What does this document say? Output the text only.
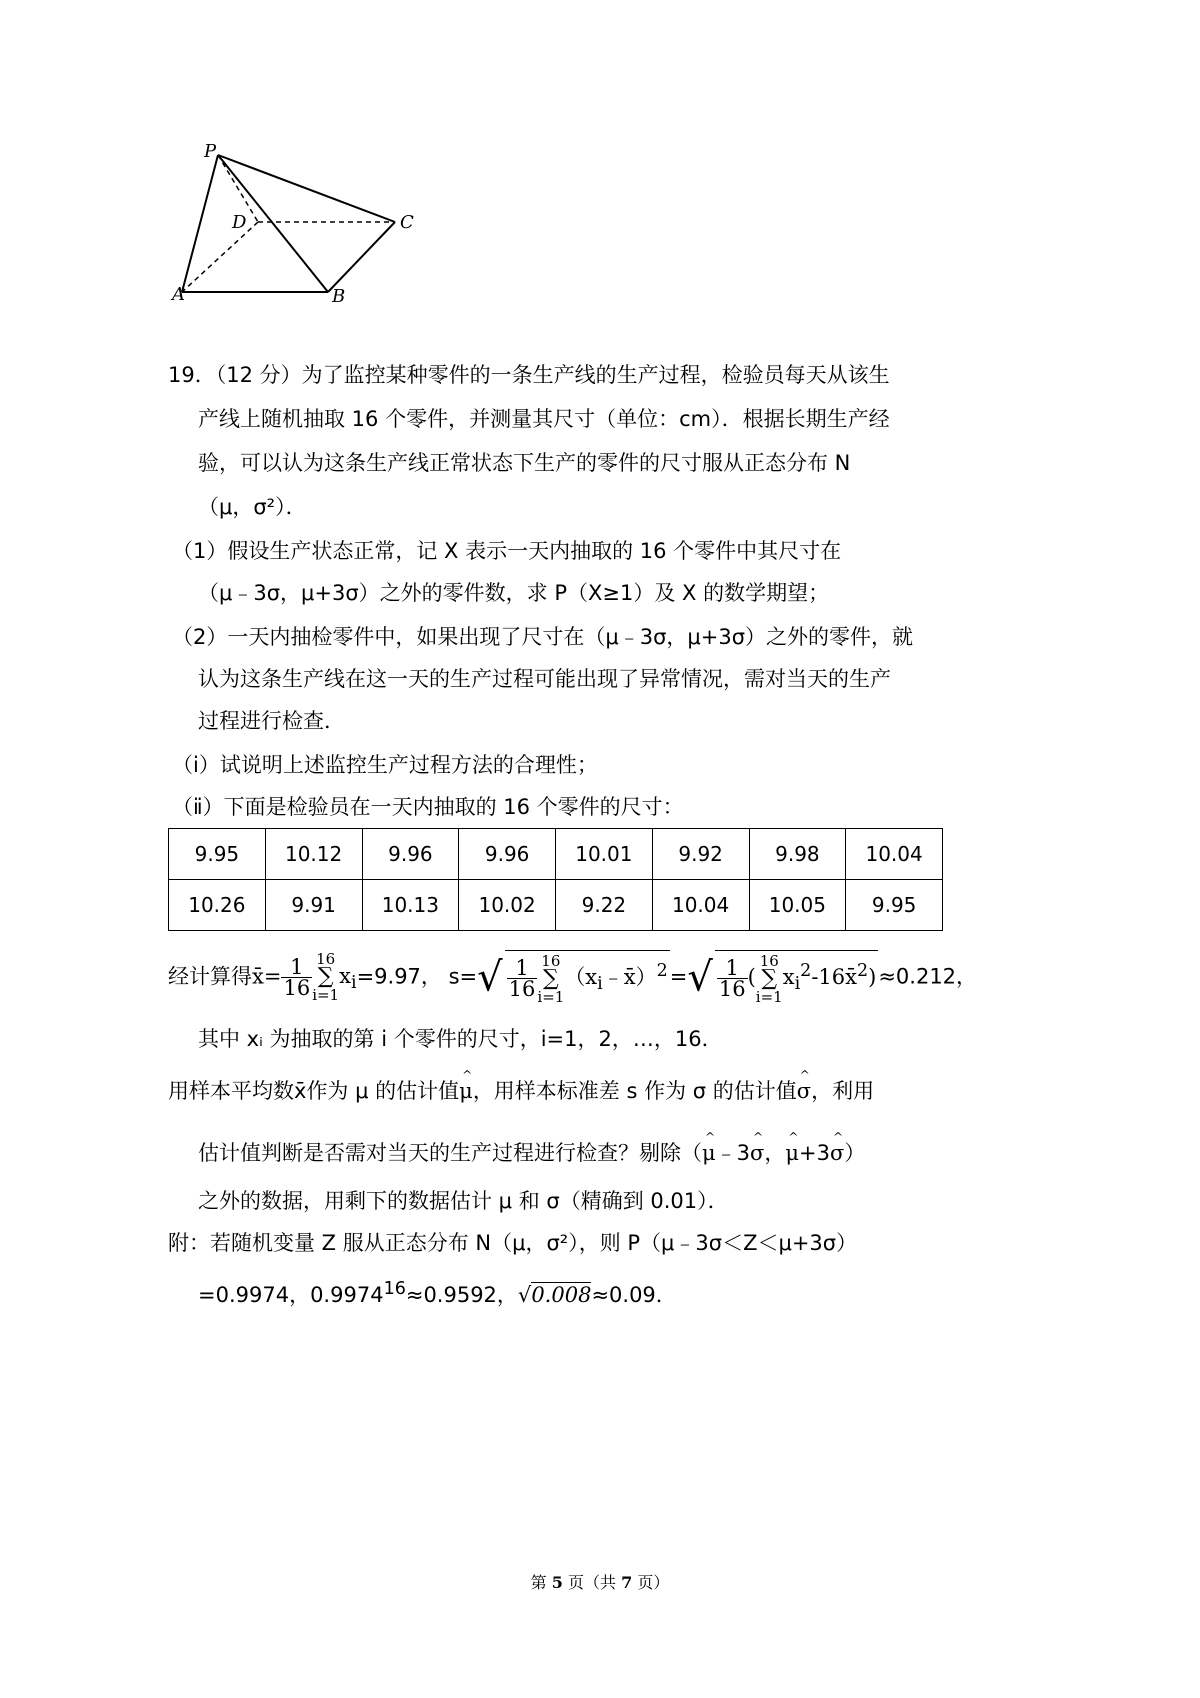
P
D	C
A	B
19．（12 分）为了监控某种零件的一条生产线的生产过程，检验员每天从该生
产线上随机抽取 16 个零件，并测量其尺寸（单位：cm）．根据长期生产经
验，可以认为这条生产线正常状态下生产的零件的尺寸服从正态分布 N
（μ，σ²）．
（1）假设生产状态正常，记 X 表示一天内抽取的 16 个零件中其尺寸在
（μ﹣3σ，μ+3σ）之外的零件数，求 P（X≥1）及 X 的数学期望；
（2）一天内抽检零件中，如果出现了尺寸在（μ﹣3σ，μ+3σ）之外的零件，就
认为这条生产线在这一天的生产过程可能出现了异常情况，需对当天的生产
过程进行检查．
（ⅰ）试说明上述监控生产过程方法的合理性；
（ⅱ）下面是检验员在一天内抽取的 16 个零件的尺寸：
9.95	10.12	9.96	9.96	10.01	9.92	9.98	10.04
10.26	9.91	10.13	10.02	9.22	10.04	10.05	9.95
经计算得x̄= $\frac{1}{16} 16$
∑
$i=1x_i=9.97$， $s=√ \frac{1}{16} 16$
∑
$i=1(x_i﹣x̄)^2=√ \frac{1}{16} (16$
∑
$i=1x_i^2-16x̄^2)\approx 0.212$，
其中 xᵢ 为抽取的第 i 个零件的尺寸，i=1，2，…，16．
用样本平均数x̄作为 μ 的估计值^ μ，用样本标准差 s 作为 σ 的估计值^ σ，利用
估计值判断是否需对当天的生产过程进行检查？剔除（^ μ﹣3^ σ，^ μ+3^ σ）
之外的数据，用剩下的数据估计 μ 和 σ（精确到 0.01）．
附：若随机变量 Z 服从正态分布 N（μ，σ²），则 P（μ﹣3σ＜Z＜μ+3σ）
=0.9974，$0.9974^{16}\approx 0.9592$，√0.008≈0.09．
第 5 页（共 7 页）
